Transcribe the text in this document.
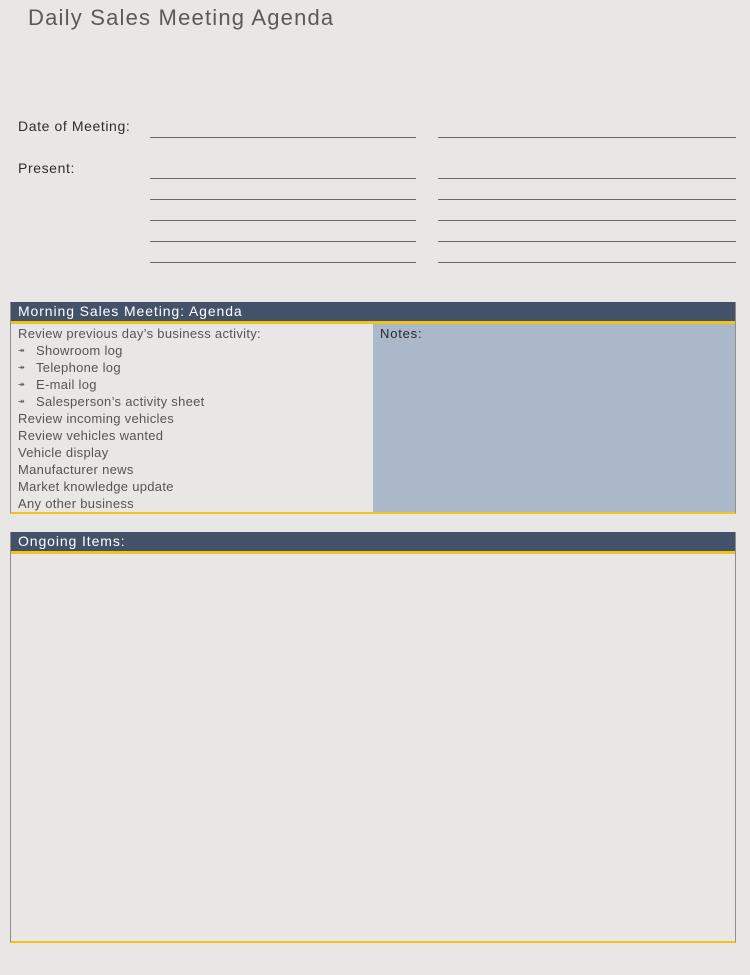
Daily Sales Meeting Agenda
Date of Meeting:
Present:
Morning Sales Meeting: Agenda
Review previous day’s business activity:
↠ Showroom log
↠ Telephone log
↠ E-mail log
↠ Salesperson’s activity sheet
Review incoming vehicles
Review vehicles wanted
Vehicle display
Manufacturer news
Market knowledge update
Any other business
Notes:
Ongoing Items:
